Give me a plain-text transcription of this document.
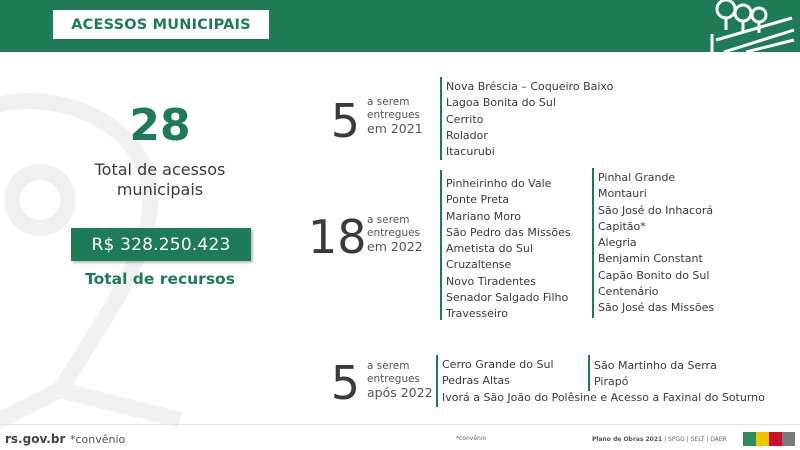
ACESSOS MUNICIPAIS
28
Total de acessos municipais
R$ 328.250.423
Total de recursos
5 a serem entregues
em 2021
Nova Bréscia – Coqueiro Baixo
Lagoa Bonita do Sul
Cerrito
Rolador
Itacurubi
18 a serem entregues
em 2022
Pinheirinho do Vale
Ponte Preta
Mariano Moro
São Pedro das Missões
Ametista do Sul
Cruzaltense
Novo Tiradentes
Senador Salgado Filho
Travesseiro
Pinhal Grande
Montauri
São José do Inhacorá
Capitão*
Alegria
Benjamin Constant
Capão Bonito do Sul
Centenário
São José das Missões
5 a serem entregues
após 2022
Cerro Grande do Sul
Pedras Altas
Ivorá a São João do Polêsine e Acesso a Faxinal do Soturno
São Martinho da Serra
Pirapó
rs.gov.br *convênio	*convênio	Plano de Obras 2021 | SPGG | SELT | DAER
